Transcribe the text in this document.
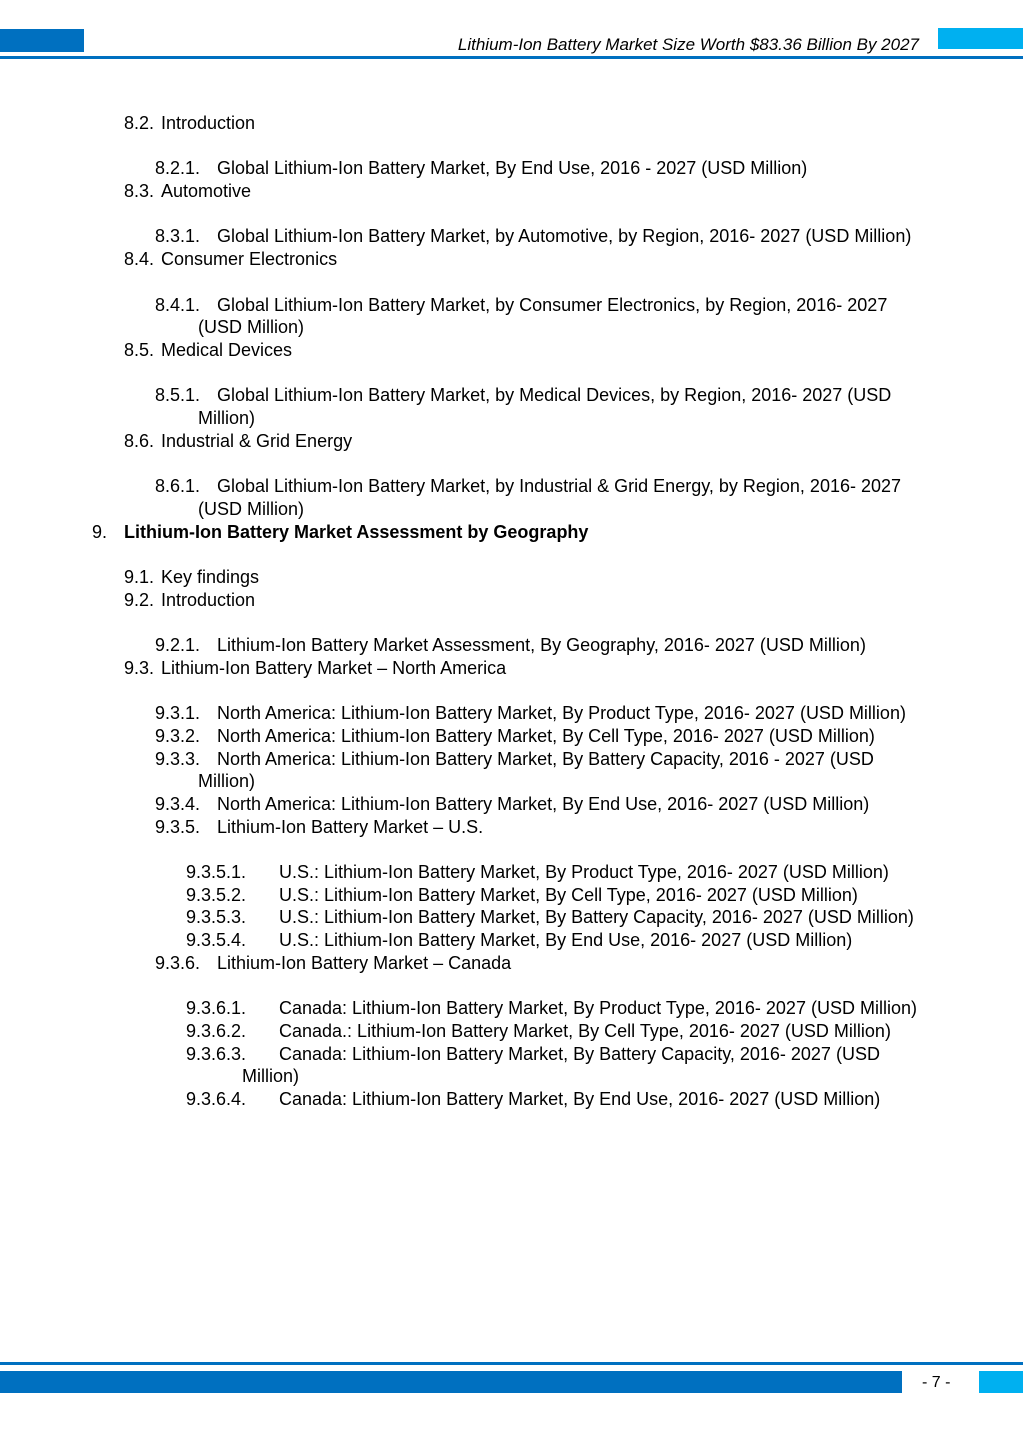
Lithium-Ion Battery Market Size Worth $83.36 Billion By 2027
8.2. Introduction
8.2.1. Global Lithium-Ion Battery Market, By End Use, 2016 - 2027 (USD Million)
8.3. Automotive
8.3.1. Global Lithium-Ion Battery Market, by Automotive, by Region, 2016- 2027 (USD Million)
8.4. Consumer Electronics
8.4.1. Global Lithium-Ion Battery Market, by Consumer Electronics, by Region, 2016- 2027 (USD Million)
8.5. Medical Devices
8.5.1. Global Lithium-Ion Battery Market, by Medical Devices, by Region, 2016- 2027 (USD Million)
8.6. Industrial & Grid Energy
8.6.1. Global Lithium-Ion Battery Market, by Industrial & Grid Energy, by Region, 2016- 2027 (USD Million)
9. Lithium-Ion Battery Market Assessment by Geography
9.1. Key findings
9.2. Introduction
9.2.1. Lithium-Ion Battery Market Assessment, By Geography, 2016- 2027 (USD Million)
9.3. Lithium-Ion Battery Market – North America
9.3.1. North America: Lithium-Ion Battery Market, By Product Type, 2016- 2027 (USD Million)
9.3.2. North America: Lithium-Ion Battery Market, By Cell Type, 2016- 2027 (USD Million)
9.3.3. North America: Lithium-Ion Battery Market, By Battery Capacity, 2016 - 2027 (USD Million)
9.3.4. North America: Lithium-Ion Battery Market, By End Use, 2016- 2027 (USD Million)
9.3.5. Lithium-Ion Battery Market – U.S.
9.3.5.1.	U.S.: Lithium-Ion Battery Market, By Product Type, 2016- 2027 (USD Million)
9.3.5.2.	U.S.: Lithium-Ion Battery Market, By Cell Type, 2016- 2027 (USD Million)
9.3.5.3.	U.S.: Lithium-Ion Battery Market, By Battery Capacity, 2016- 2027 (USD Million)
9.3.5.4.	U.S.: Lithium-Ion Battery Market, By End Use, 2016- 2027 (USD Million)
9.3.6. Lithium-Ion Battery Market – Canada
9.3.6.1.	Canada: Lithium-Ion Battery Market, By Product Type, 2016- 2027 (USD Million)
9.3.6.2.	Canada.: Lithium-Ion Battery Market, By Cell Type, 2016- 2027 (USD Million)
9.3.6.3.	Canada: Lithium-Ion Battery Market, By Battery Capacity, 2016- 2027 (USD Million)
9.3.6.4.	Canada: Lithium-Ion Battery Market, By End Use, 2016- 2027 (USD Million)
- 7 -
